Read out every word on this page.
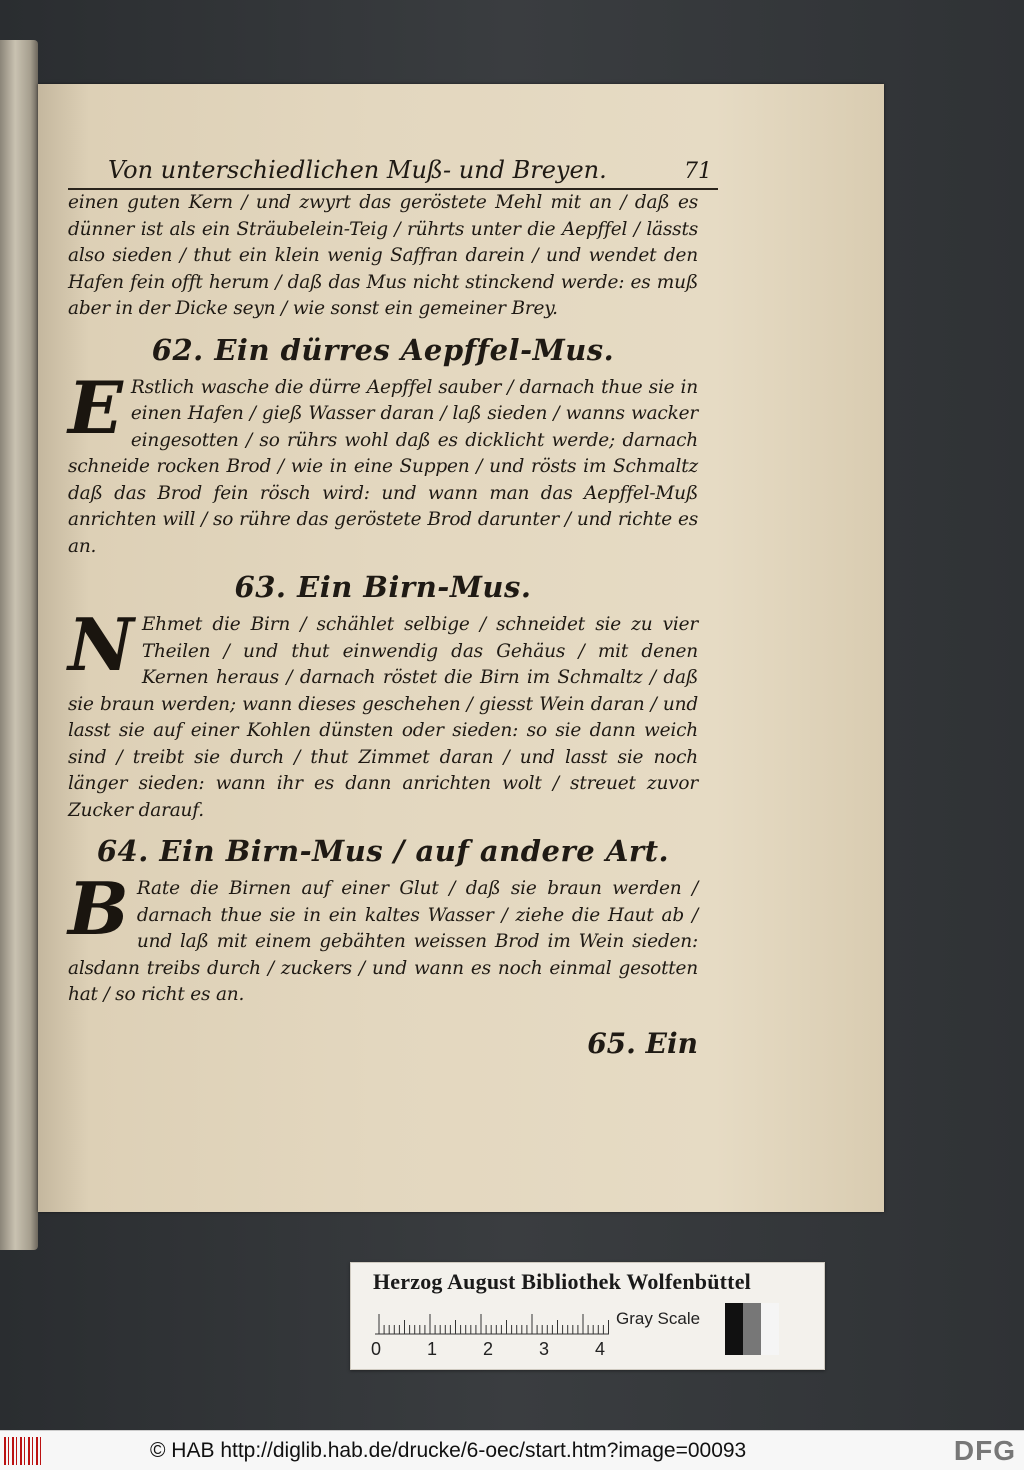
Von unterschiedlichen Muß- und Breyen.	71

einen guten Kern / und zwyrt das geröstete Mehl mit an / daß es dünner ist als ein Sträubelein-Teig / rührts unter die Aepffel / lässts also sieden / thut ein klein wenig Saffran darein / und wendet den Hafen fein offt herum / daß das Mus nicht stinckend werde: es muß aber in der Dicke seyn / wie sonst ein gemeiner Brey.

62. Ein dürres Aepffel-Mus.
E Rstlich wasche die dürre Aepffel sauber / darnach thue sie in einen Hafen / gieß Wasser daran / laß sieden / wanns wacker eingesotten / so rührs wohl daß es dicklicht werde; darnach schneide rocken Brod / wie in eine Suppen / und rösts im Schmaltz daß das Brod fein rösch wird: und wann man das Aepffel-Muß anrichten will / so rühre das geröstete Brod darunter / und richte es an.

63. Ein Birn-Mus.
N Ehmet die Birn / schählet selbige / schneidet sie zu vier Theilen / und thut einwendig das Gehäus / mit denen Kernen heraus / darnach röstet die Birn im Schmaltz / daß sie braun werden; wann dieses geschehen / giesst Wein daran / und lasst sie auf einer Kohlen dünsten oder sieden: so sie dann weich sind / treibt sie durch / thut Zimmet daran / und lasst sie noch länger sieden: wann ihr es dann anrichten wolt / streuet zuvor Zucker darauf.

64. Ein Birn-Mus / auf andere Art.
B Rate die Birnen auf einer Glut / daß sie braun werden / darnach thue sie in ein kaltes Wasser / ziehe die Haut ab / und laß mit einem gebähten weissen Brod im Wein sieden: alsdann treibs durch / zuckers / und wann es noch einmal gesotten hat / so richt es an.

65. Ein
Herzog August Bibliothek Wolfenbüttel
0	1	2	3	4
Gray Scale
© HAB http://diglib.hab.de/drucke/6-oec/start.htm?image=00093	DFG
